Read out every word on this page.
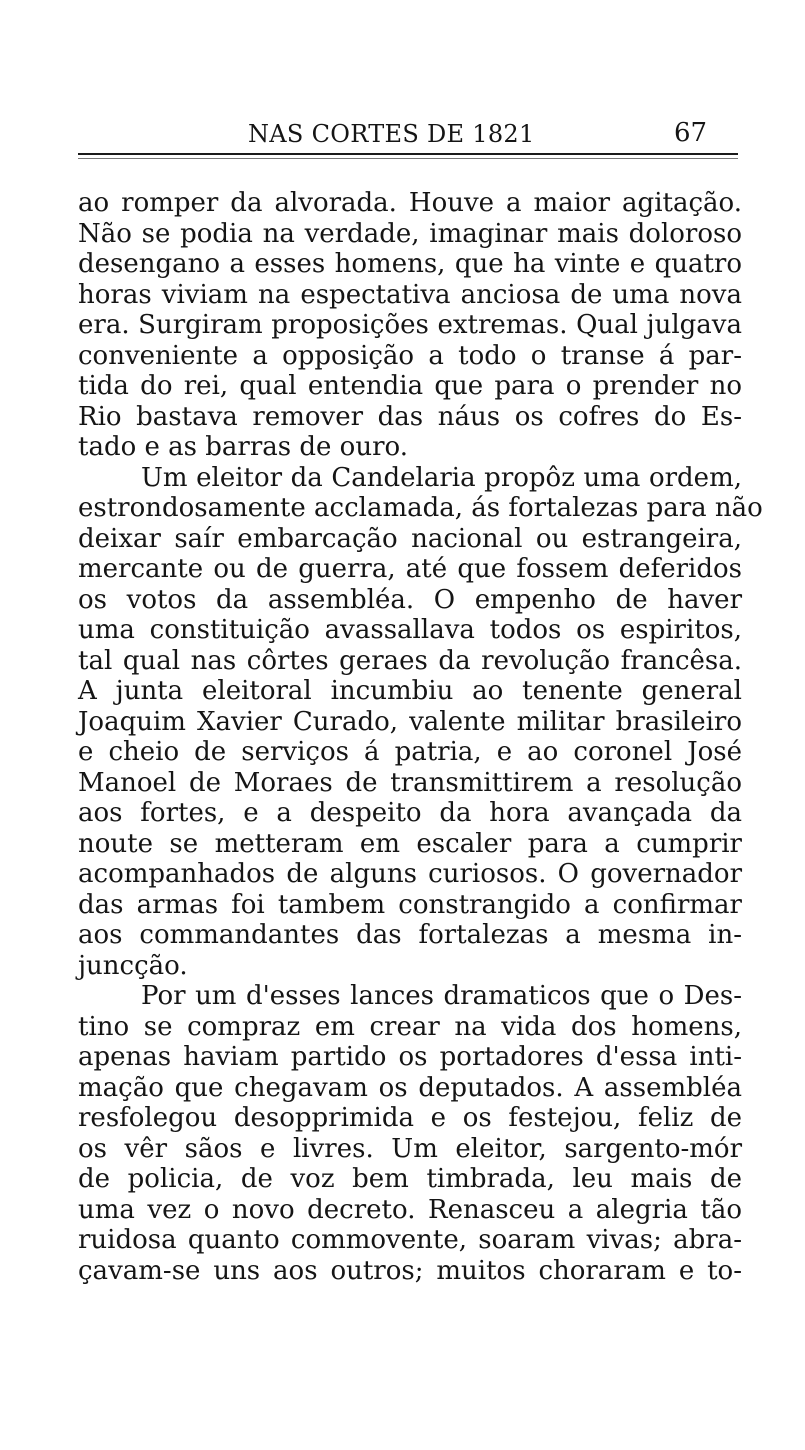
NAS CORTES DE 1821	67
ao romper da alvorada. Houve a maior agitação.
Não se podia na verdade, imaginar mais doloroso
desengano a esses homens, que ha vinte e quatro
horas viviam na espectativa anciosa de uma nova
era. Surgiram proposições extremas. Qual julgava
conveniente a opposição a todo o transe á par-
tida do rei, qual entendia que para o prender no
Rio bastava remover das náus os cofres do Es-
tado e as barras de ouro.
Um eleitor da Candelaria propôz uma ordem,
estrondosamente acclamada, ás fortalezas para não
deixar saír embarcação nacional ou estrangeira,
mercante ou de guerra, até que fossem deferidos
os votos da assembléa. O empenho de haver
uma constituição avassallava todos os espiritos,
tal qual nas côrtes geraes da revolução francêsa.
A junta eleitoral incumbiu ao tenente general
Joaquim Xavier Curado, valente militar brasileiro
e cheio de serviços á patria, e ao coronel José
Manoel de Moraes de transmittirem a resolução
aos fortes, e a despeito da hora avançada da
noute se metteram em escaler para a cumprir
acompanhados de alguns curiosos. O governador
das armas foi tambem constrangido a confirmar
aos commandantes das fortalezas a mesma in-
juncção.
Por um d'esses lances dramaticos que o Des-
tino se compraz em crear na vida dos homens,
apenas haviam partido os portadores d'essa inti-
mação que chegavam os deputados. A assembléa
resfolegou desopprimida e os festejou, feliz de
os vêr sãos e livres. Um eleitor, sargento-mór
de policia, de voz bem timbrada, leu mais de
uma vez o novo decreto. Renasceu a alegria tão
ruidosa quanto commovente, soaram vivas; abra-
çavam-se uns aos outros; muitos choraram e to-
